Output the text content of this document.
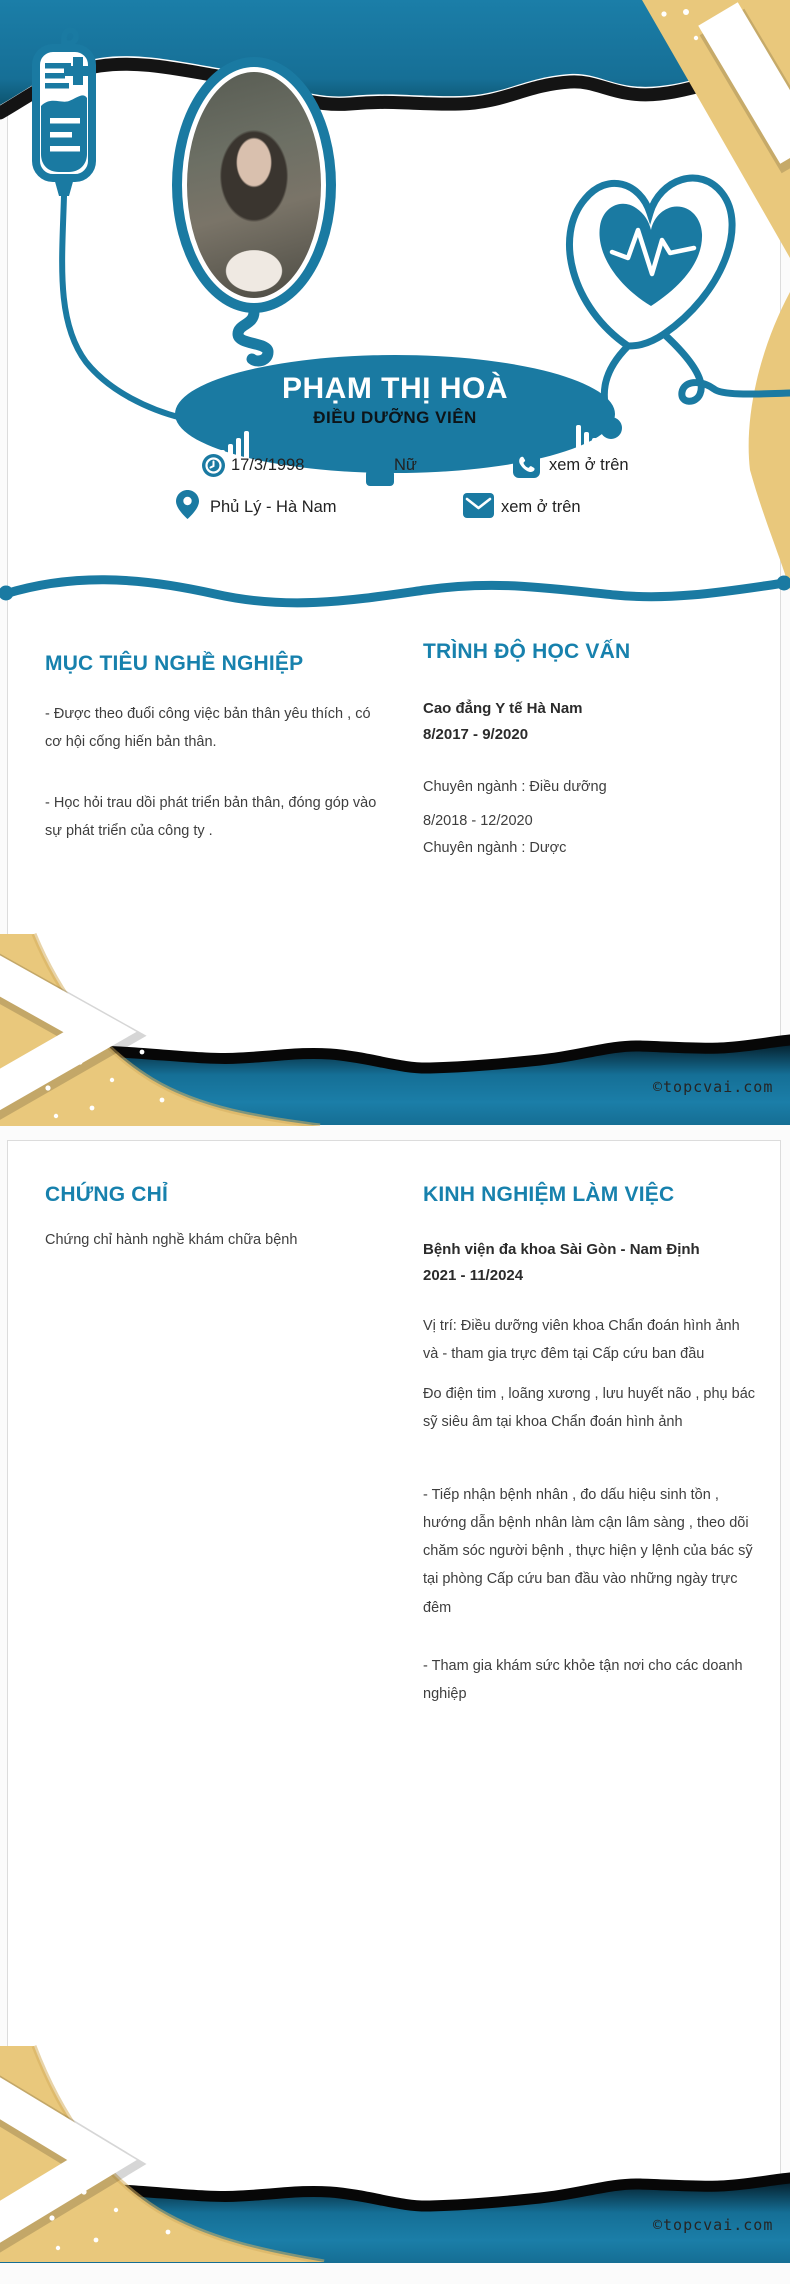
PHẠM THỊ HOÀ
ĐIỀU DƯỠNG VIÊN
17/3/1998	Nữ	xem ở trên
Phủ Lý - Hà Nam	xem ở trên
MỤC TIÊU NGHỀ NGHIỆP

- Được theo đuổi công việc bản thân yêu thích , có cơ hội cống hiến bản thân.

- Học hỏi trau dồi phát triển bản thân, đóng góp vào sự phát triển của công ty .

TRÌNH ĐỘ HỌC VẤN
Cao đẳng Y tế Hà Nam
8/2017 - 9/2020
Chuyên ngành : Điều dưỡng
8/2018 - 12/2020
Chuyên ngành : Dược
©topcvai.com
CHỨNG CHỈ

Chứng chỉ hành nghề khám chữa bệnh

KINH NGHIỆM LÀM VIỆC
Bệnh viện đa khoa Sài Gòn - Nam Định
2021 - 11/2024

Vị trí: Điều dưỡng viên khoa Chẩn đoán hình ảnh và - tham gia trực đêm tại Cấp cứu ban đầu

Đo điện tim , loãng xương , lưu huyết não , phụ bác sỹ siêu âm tại khoa Chẩn đoán hình ảnh

- Tiếp nhận bệnh nhân , đo dấu hiệu sinh tồn , hướng dẫn bệnh nhân làm cận lâm sàng , theo dõi chăm sóc người bệnh , thực hiện y lệnh của bác sỹ tại phòng Cấp cứu ban đầu vào những ngày trực đêm

- Tham gia khám sức khỏe tận nơi cho các doanh nghiệp

©topcvai.com
